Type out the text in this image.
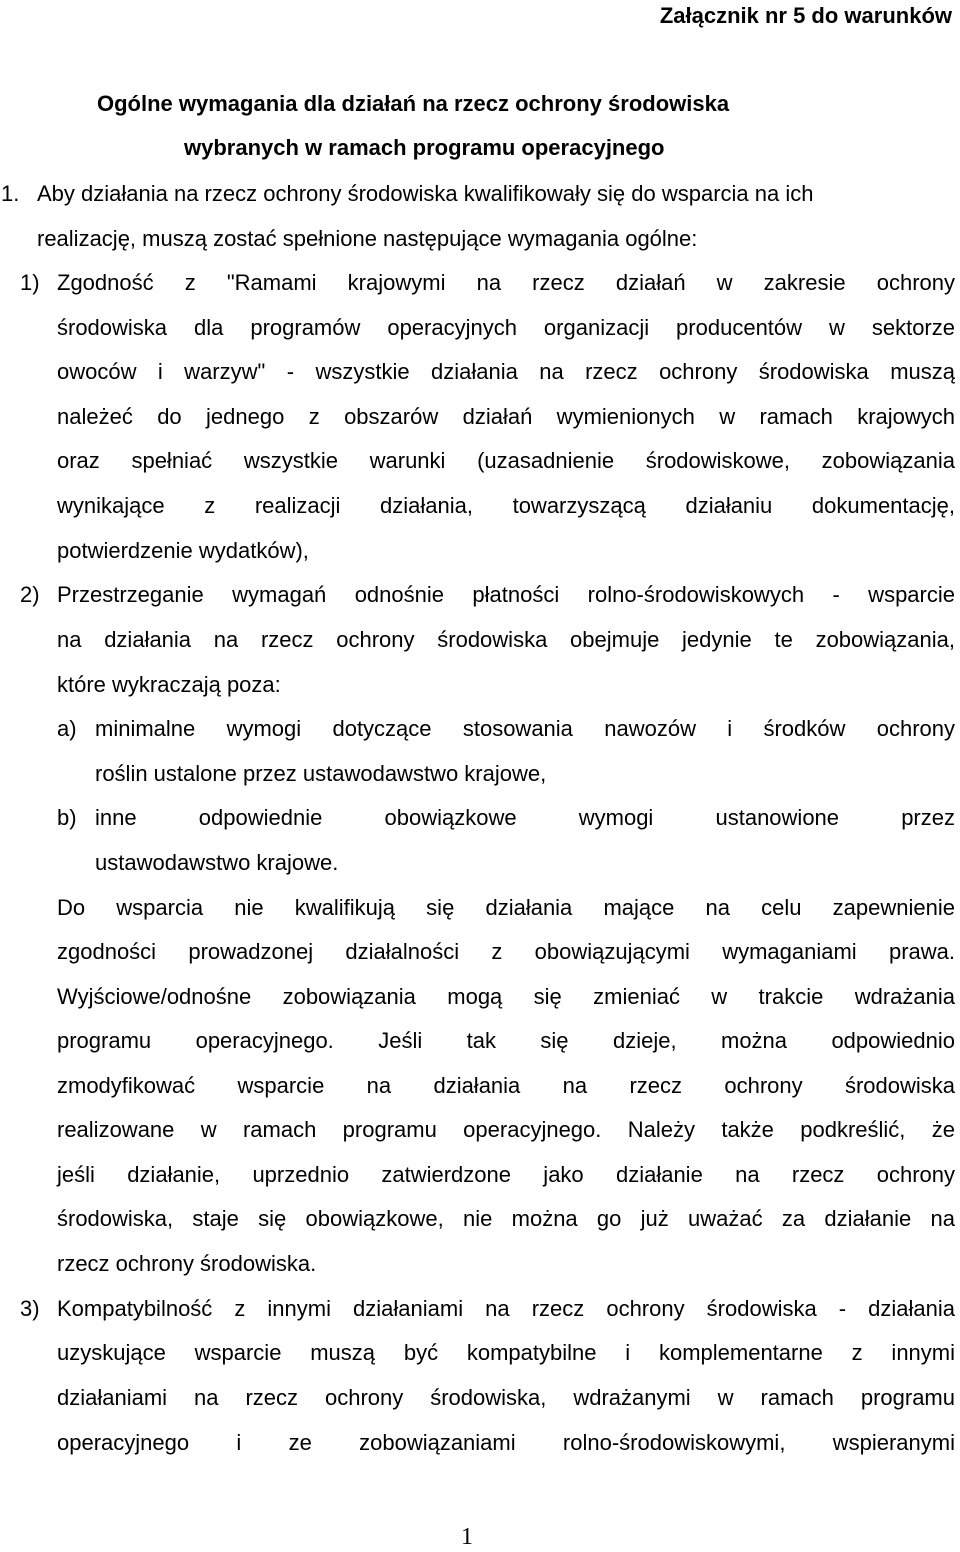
Załącznik nr 5 do warunków
Ogólne wymagania dla działań na rzecz ochrony środowiska
wybranych w ramach programu operacyjnego
1. Aby działania na rzecz ochrony środowiska kwalifikowały się do wsparcia na ich
realizację, muszą zostać spełnione następujące wymagania ogólne:
1) Zgodność z "Ramami krajowymi na rzecz działań w zakresie ochrony
środowiska dla programów operacyjnych organizacji producentów w sektorze
owoców i warzyw" - wszystkie działania na rzecz ochrony środowiska muszą
należeć do jednego z obszarów działań wymienionych w ramach krajowych
oraz spełniać wszystkie warunki (uzasadnienie środowiskowe, zobowiązania
wynikające z realizacji działania, towarzyszącą działaniu dokumentację,
potwierdzenie wydatków),
2) Przestrzeganie wymagań odnośnie płatności rolno-środowiskowych - wsparcie
na działania na rzecz ochrony środowiska obejmuje jedynie te zobowiązania,
które wykraczają poza:
a) minimalne wymogi dotyczące stosowania nawozów i środków ochrony
roślin ustalone przez ustawodawstwo krajowe,
b) inne odpowiednie obowiązkowe wymogi ustanowione przez
ustawodawstwo krajowe.
Do wsparcia nie kwalifikują się działania mające na celu zapewnienie
zgodności prowadzonej działalności z obowiązującymi wymaganiami prawa.
Wyjściowe/odnośne zobowiązania mogą się zmieniać w trakcie wdrażania
programu operacyjnego. Jeśli tak się dzieje, można odpowiednio
zmodyfikować wsparcie na działania na rzecz ochrony środowiska
realizowane w ramach programu operacyjnego. Należy także podkreślić, że
jeśli działanie, uprzednio zatwierdzone jako działanie na rzecz ochrony
środowiska, staje się obowiązkowe, nie można go już uważać za działanie na
rzecz ochrony środowiska.
3) Kompatybilność z innymi działaniami na rzecz ochrony środowiska - działania
uzyskujące wsparcie muszą być kompatybilne i komplementarne z innymi
działaniami na rzecz ochrony środowiska, wdrażanymi w ramach programu
operacyjnego i ze zobowiązaniami rolno-środowiskowymi, wspieranymi
1
